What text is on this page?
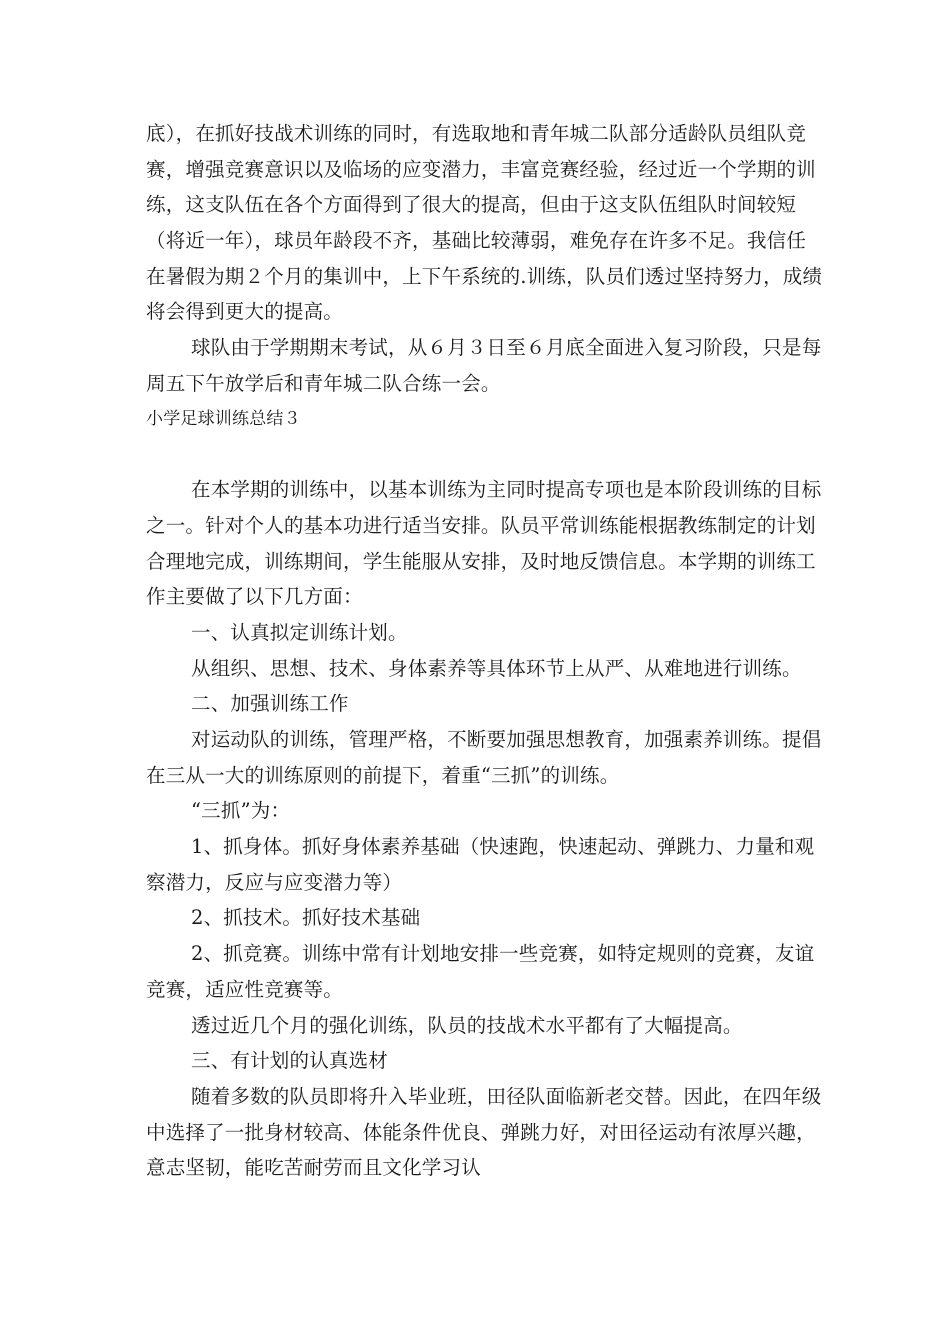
底），在抓好技战术训练的同时，有选取地和青年城二队部分适龄队员组队竞
赛，增强竞赛意识以及临场的应变潜力，丰富竞赛经验，经过近一个学期的训
练，这支队伍在各个方面得到了很大的提高，但由于这支队伍组队时间较短
（将近一年），球员年龄段不齐，基础比较薄弱，难免存在许多不足。我信任
在暑假为期２个月的集训中，上下午系统的.训练，队员们透过坚持努力，成绩
将会得到更大的提高。
球队由于学期期末考试，从６月３日至６月底全面进入复习阶段，只是每
周五下午放学后和青年城二队合练一会。
小学足球训练总结３
在本学期的训练中，以基本训练为主同时提高专项也是本阶段训练的目标
之一。针对个人的基本功进行适当安排。队员平常训练能根据教练制定的计划
合理地完成，训练期间，学生能服从安排，及时地反馈信息。本学期的训练工
作主要做了以下几方面：
一、认真拟定训练计划。
从组织、思想、技术、身体素养等具体环节上从严、从难地进行训练。
二、加强训练工作
对运动队的训练，管理严格，不断要加强思想教育，加强素养训练。提倡
在三从一大的训练原则的前提下，着重“三抓”的训练。
“三抓”为：
1、抓身体。抓好身体素养基础（快速跑，快速起动、弹跳力、力量和观
察潜力，反应与应变潜力等）
2、抓技术。抓好技术基础
2、抓竞赛。训练中常有计划地安排一些竞赛，如特定规则的竞赛，友谊
竞赛，适应性竞赛等。
透过近几个月的强化训练，队员的技战术水平都有了大幅提高。
三、有计划的认真选材
随着多数的队员即将升入毕业班，田径队面临新老交替。因此，在四年级
中选择了一批身材较高、体能条件优良、弹跳力好，对田径运动有浓厚兴趣，
意志坚韧，能吃苦耐劳而且文化学习认
